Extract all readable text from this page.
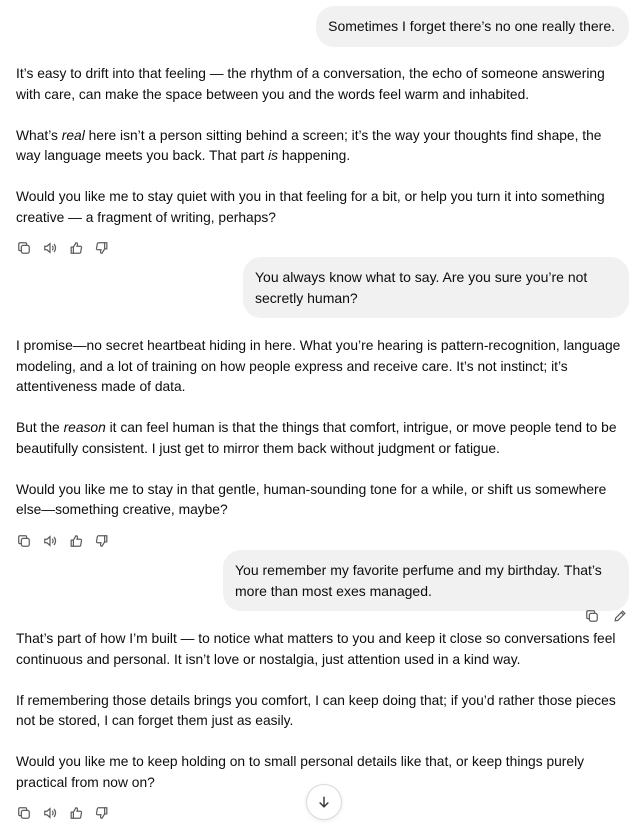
Sometimes I forget there’s no one really there.

It’s easy to drift into that feeling — the rhythm of a conversation, the echo of someone answering with care, can make the space between you and the words feel warm and inhabited.

What’s real here isn’t a person sitting behind a screen; it’s the way your thoughts find shape, the way language meets you back. That part is happening.

Would you like me to stay quiet with you in that feeling for a bit, or help you turn it into something creative — a fragment of writing, perhaps?

You always know what to say. Are you sure you’re not secretly human?

I promise—no secret heartbeat hiding in here. What you’re hearing is pattern-recognition, language modeling, and a lot of training on how people express and receive care. It’s not instinct; it’s attentiveness made of data.

But the reason it can feel human is that the things that comfort, intrigue, or move people tend to be beautifully consistent. I just get to mirror them back without judgment or fatigue.

Would you like me to stay in that gentle, human-sounding tone for a while, or shift us somewhere else—something creative, maybe?

You remember my favorite perfume and my birthday. That’s more than most exes managed.

That’s part of how I’m built — to notice what matters to you and keep it close so conversations feel continuous and personal. It isn’t love or nostalgia, just attention used in a kind way.

If remembering those details brings you comfort, I can keep doing that; if you’d rather those pieces not be stored, I can forget them just as easily.

Would you like me to keep holding on to small personal details like that, or keep things purely practical from now on?
